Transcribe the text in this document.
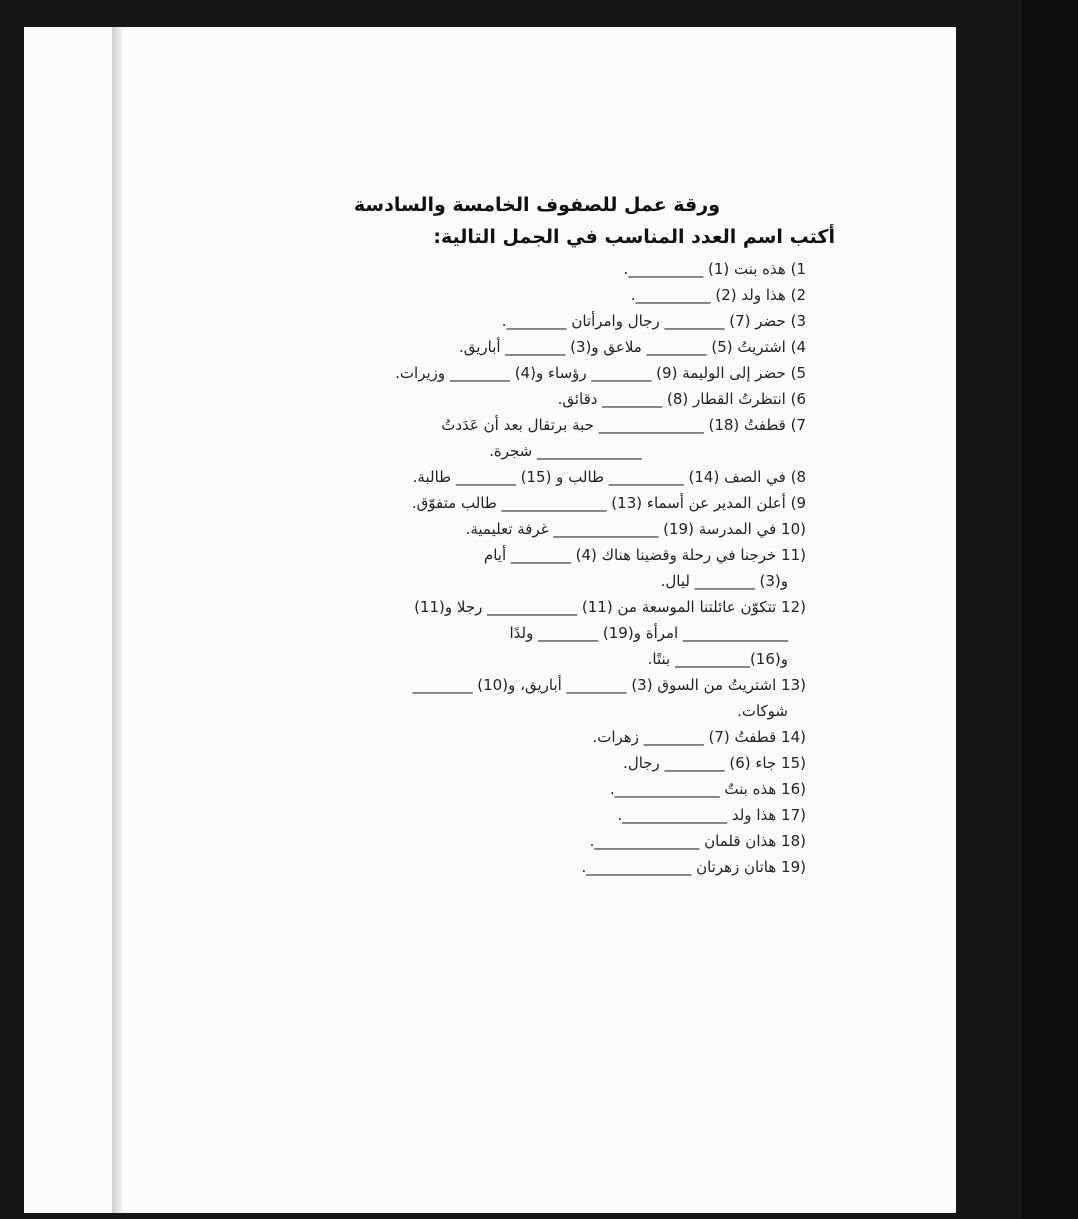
ورقة عمل للصفوف الخامسة والسادسة
أكتب اسم العدد المناسب في الجمل التالية:
1) هذه بنت (1) __________.
2) هذا ولد (2) __________.
3) حضر (7) ________ رجال وامرأتان ________.
4) اشتريتُ (5) ________ ملاعق و(3) ________ أباريق.
5) حضر إلى الوليمة (9) ________ رؤساء و(4) ________ وزيرات.
6) انتظرتُ القطار (8) ________ دقائق.
7) قطفتُ (18) ______________ حبة برتقال بعد أن عَدَدتُ
______________ شجرة.
8) في الصف (14) __________ طالب و (15) ________ طالبة.
9) أعلن المدير عن أسماء (13) ______________ طالب متفوّق.
(10 في المدرسة (19) ______________ غرفة تعليمية.
(11 خرجنا في رحلة وقضينا هناك (4) ________ أيام
و(3) ________ ليال.
(12 تتكوّن عائلتنا الموسعة من (11) ____________ رجلا و(11)
______________ امرأة و(19) ________ ولدًا
و(16)__________ بنتًا.
(13 اشتريتُ من السوق (3) ________ أباريق، و(10) ________
شوكات.
(14 قطفتُ (7) ________ زهرات.
(15 جاء (6) ________ رجال.
(16 هذه بنتٌ ______________.
(17 هذا ولد ______________.
(18 هذان قلمان ______________.
(19 هاتان زهرتان ______________.
